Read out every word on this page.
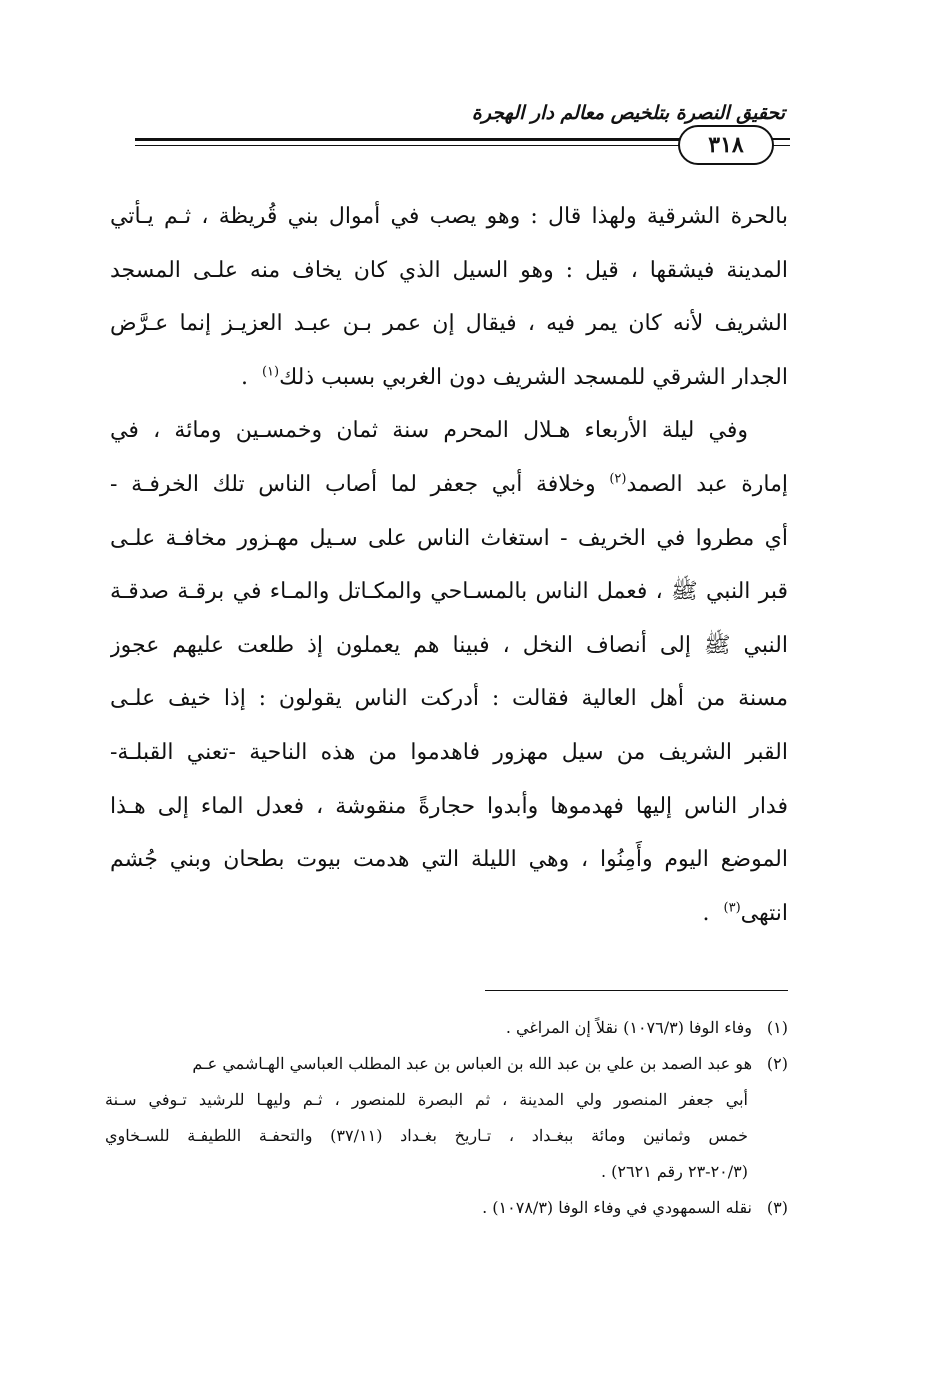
تحقيق النصرة بتلخيص معالم دار الهجرة
٣١٨
بالحرة الشرقية ولهذا قال : وهو يصب في أموال بني قُريظة ، ثـم يـأتي
المدينة فيشقها ، قيل : وهو السيل الذي كان يخاف منه علـى المسجد
الشريف لأنه كان يمر فيه ، فيقال إن عمر بـن عبـد العزيـز إنما عـرَّض
الجدار الشرقي للمسجد الشريف دون الغربي بسبب ذلك$^{(١)}$  .
وفي ليلة الأربعاء هـلال المحرم سنة ثمان وخمسـين ومائة ، في
إمارة عبد الصمد$^{(٢)}$ وخلافة أبي جعفر لما أصاب الناس تلك الخرفـة -
أي مطروا في الخريف - استغاث الناس على سـيل مهـزور مخافـة علـى
قبر النبي ﷺ ، فعمل الناس بالمسـاحي والمكـاتل والمـاء في برقـة صدقـة
النبي ﷺ إلى أنصاف النخل ، فبينا هم يعملون إذ طلعت عليهم عجوز
مسنة من أهل العالية فقالت : أدركت الناس يقولون : إذا خيف علـى
القبر الشريف من سيل مهزور فاهدموا من هذه الناحية -تعني القبلـة-
فدار الناس إليها فهدموها وأبدوا حجارةً منقوشة ، فعدل الماء إلى هـذا
الموضع اليوم وأَمِنُوا ، وهي الليلة التي هدمت بيوت بطحان وبني جُشم
انتهى$^{(٣)}$  .
(١)وفاء الوفا (١٠٧٦/٣) نقلاً إن المراغي .
(٢)هو عبد الصمد بن علي بن عبد الله بن العباس بن عبد المطلب العباسي الهـاشمي عـم
أبي جعفر المنصور ولي المدينة ، ثم البصرة للمنصور ، ثـم وليهـا للرشيد تـوفي سـنة
خمس وثمانين ومائة ببغـداد ، تـاريخ بغـداد (٣٧/١١) والتحفـة اللطيفـة للسـخاوي
(٢٠/٣-٢٣ رقم ٢٦٢١) .
(٣)نقله السمهودي في وفاء الوفا (١٠٧٨/٣) .
